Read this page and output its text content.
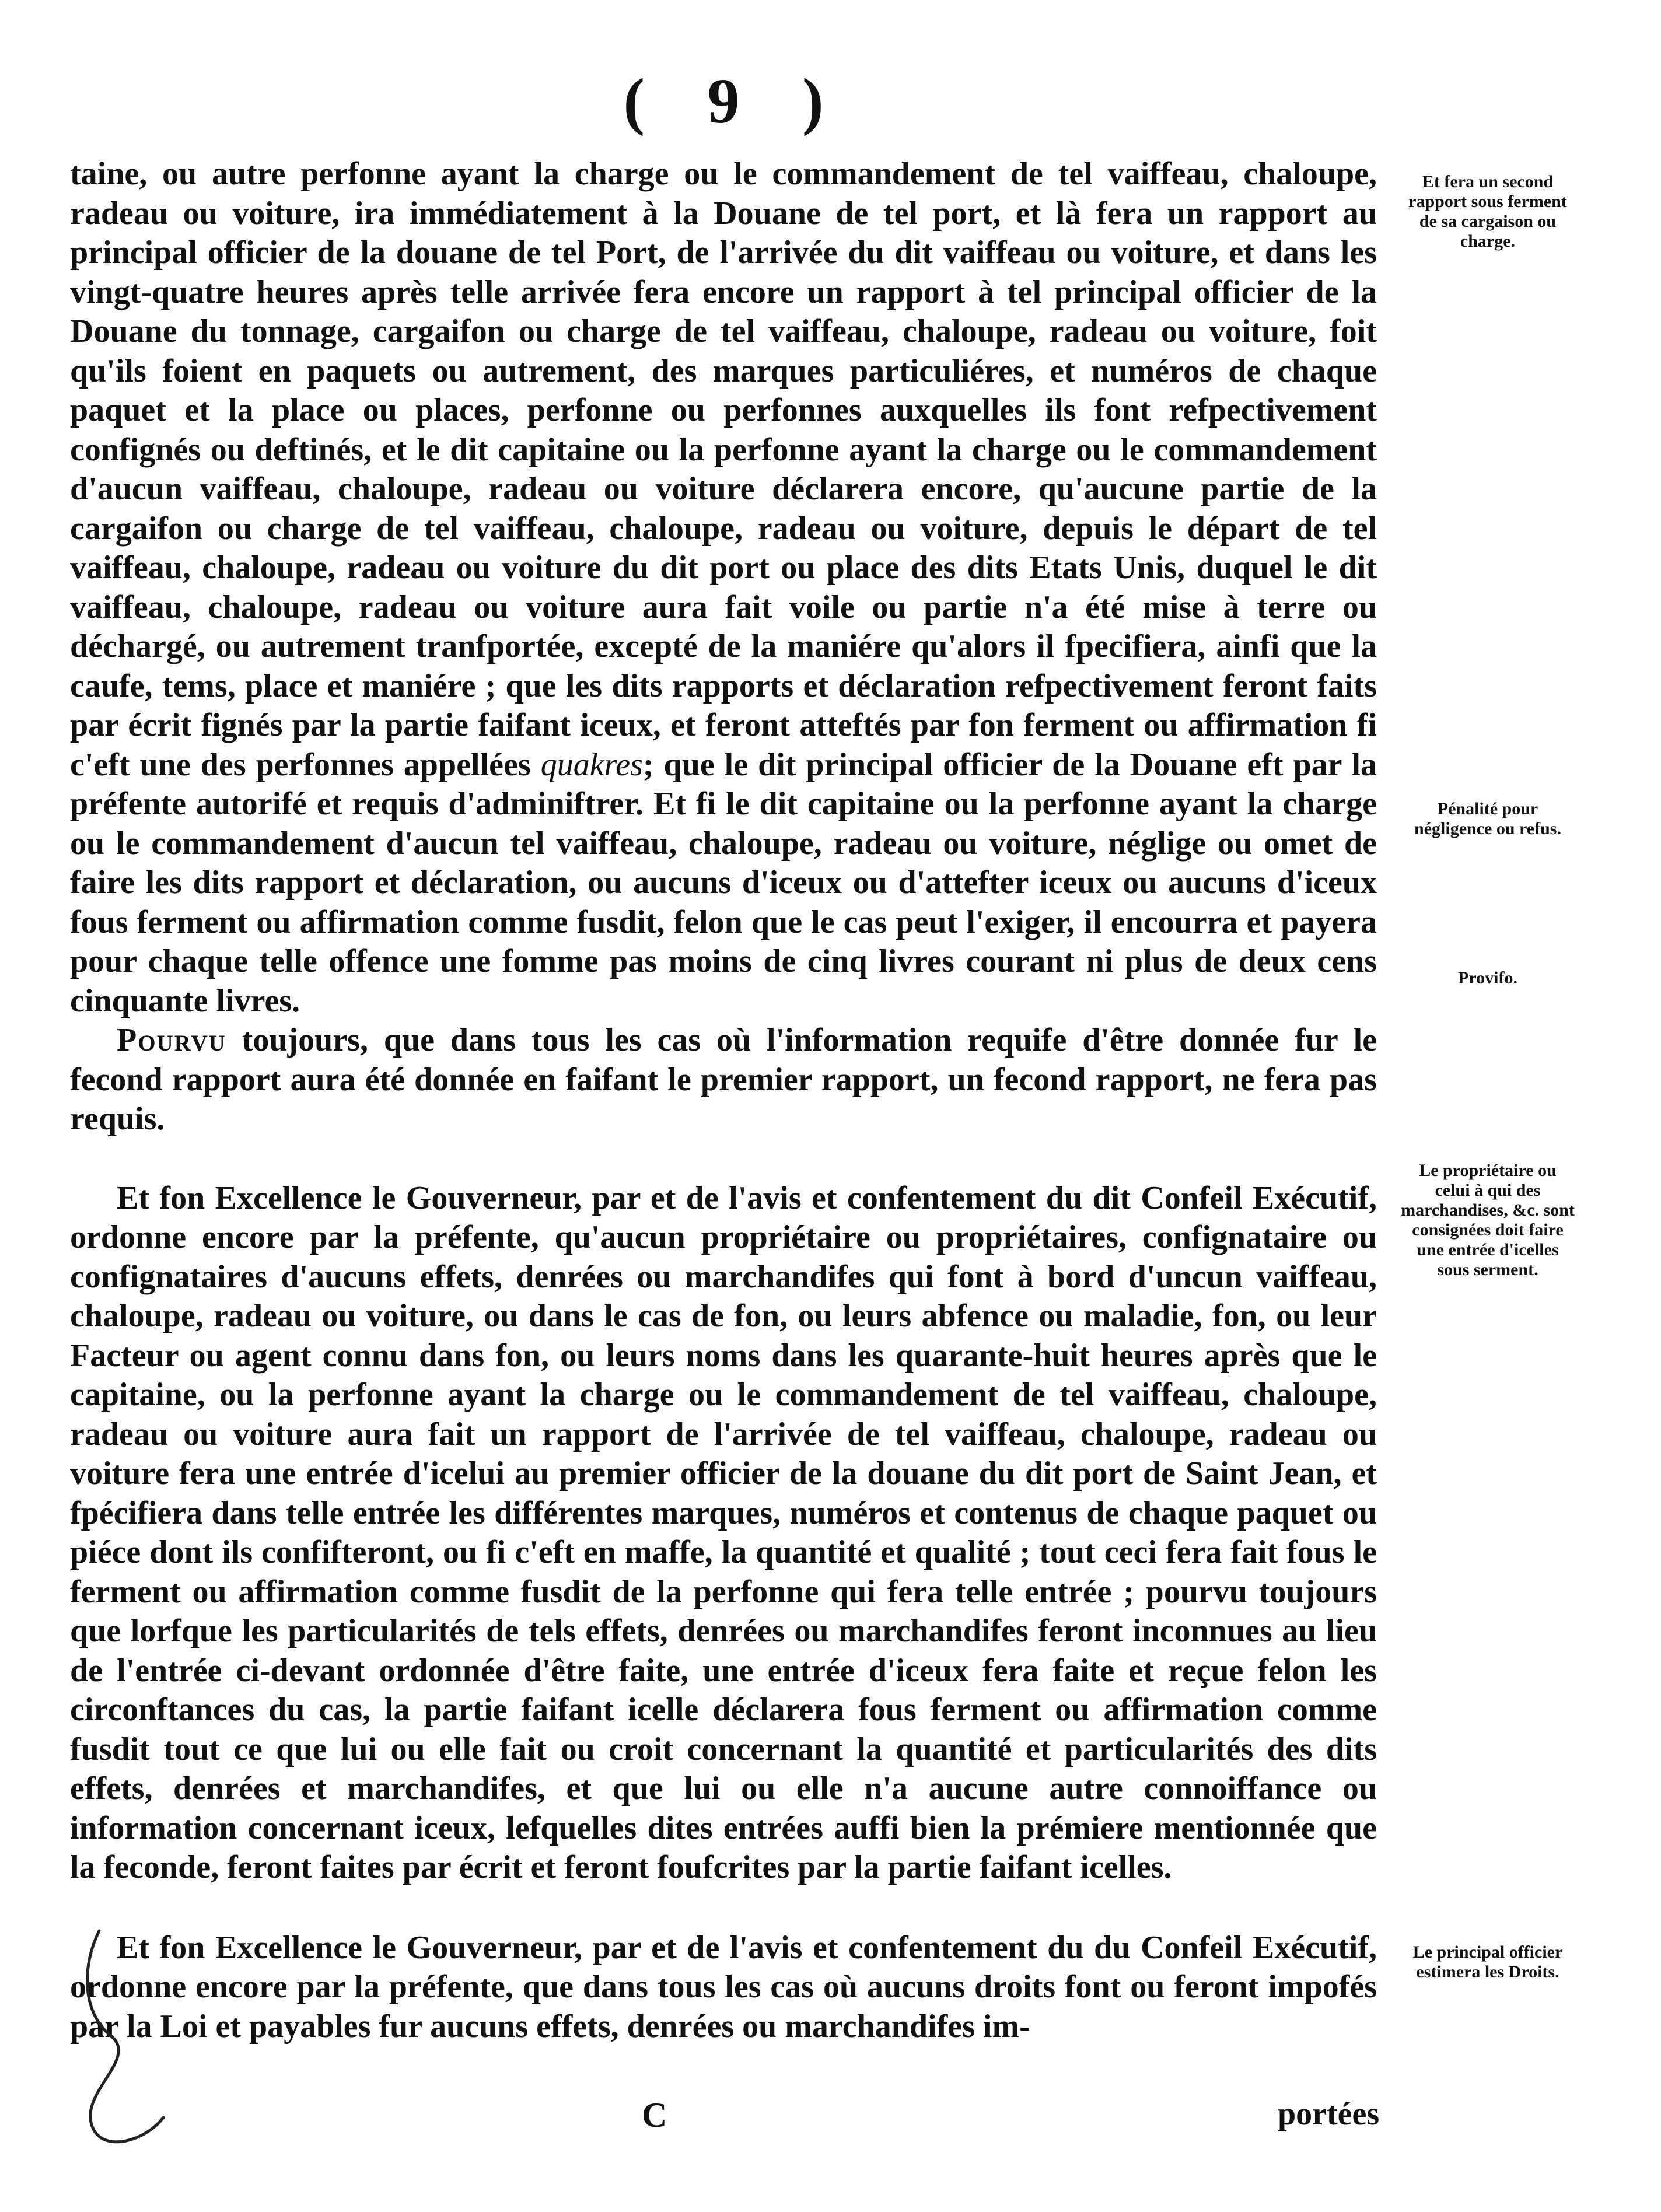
( 9 )

taine, ou autre perfonne ayant la charge ou le commandement de tel vaiffeau, chaloupe, radeau ou voiture, ira immédiatement à la Douane de tel port, et là fera un rapport au principal officier de la douane de tel Port, de l'arrivée du dit vaiffeau ou voiture, et dans les vingt-quatre heures après telle arrivée fera encore un rapport à tel principal officier de la Douane du tonnage, cargaifon ou charge de tel vaiffeau, chaloupe, radeau ou voiture, foit qu'ils foient en paquets ou autrement, des marques particuliéres, et numéros de chaque paquet et la place ou places, perfonne ou perfonnes auxquelles ils font refpectivement confignés ou deftinés, et le dit capitaine ou la perfonne ayant la charge ou le commandement d'aucun vaiffeau, chaloupe, radeau ou voiture déclarera encore, qu'aucune partie de la cargaifon ou charge de tel vaiffeau, chaloupe, radeau ou voiture, depuis le départ de tel vaiffeau, chaloupe, radeau ou voiture du dit port ou place des dits Etats Unis, duquel le dit vaiffeau, chaloupe, radeau ou voiture aura fait voile ou partie n'a été mise à terre ou déchargé, ou autrement tranfportée, excepté de la maniére qu'alors il fpecifiera, ainfi que la caufe, tems, place et maniére ; que les dits rapports et déclaration refpectivement feront faits par écrit fignés par la partie faifant iceux, et feront atteftés par fon ferment ou affirmation fi c'eft une des perfonnes appellées quakres; que le dit principal officier de la Douane eft par la préfente autorifé et requis d'adminiftrer. Et fi le dit capitaine ou la perfonne ayant la charge ou le commandement d'aucun tel vaiffeau, chaloupe, radeau ou voiture, néglige ou omet de faire les dits rapport et déclaration, ou aucuns d'iceux ou d'attefter iceux ou aucuns d'iceux fous ferment ou affirmation comme fusdit, felon que le cas peut l'exiger, il encourra et payera pour chaque telle offence une fomme pas moins de cinq livres courant ni plus de deux cens cinquante livres.

Pourvu toujours, que dans tous les cas où l'information requife d'être donnée fur le fecond rapport aura été donnée en faifant le premier rapport, un fecond rapport, ne fera pas requis.

Et fon Excellence le Gouverneur, par et de l'avis et confentement du dit Confeil Exécutif, ordonne encore par la préfente, qu'aucun propriétaire ou propriétaires, confignataire ou confignataires d'aucuns effets, denrées ou marchandifes qui font à bord d'uncun vaiffeau, chaloupe, radeau ou voiture, ou dans le cas de fon, ou leurs abfence ou maladie, fon, ou leur Facteur ou agent connu dans fon, ou leurs noms dans les quarante-huit heures après que le capitaine, ou la perfonne ayant la charge ou le commandement de tel vaiffeau, chaloupe, radeau ou voiture aura fait un rapport de l'arrivée de tel vaiffeau, chaloupe, radeau ou voiture fera une entrée d'icelui au premier officier de la douane du dit port de Saint Jean, et fpécifiera dans telle entrée les différentes marques, numéros et contenus de chaque paquet ou piéce dont ils confifteront, ou fi c'eft en maffe, la quantité et qualité ; tout ceci fera fait fous le ferment ou affirmation comme fusdit de la perfonne qui fera telle entrée ; pourvu toujours que lorfque les particularités de tels effets, denrées ou marchandifes feront inconnues au lieu de l'entrée ci-devant ordonnée d'être faite, une entrée d'iceux fera faite et reçue felon les circonftances du cas, la partie faifant icelle déclarera fous ferment ou affirmation comme fusdit tout ce que lui ou elle fait ou croit concernant la quantité et particularités des dits effets, denrées et marchandifes, et que lui ou elle n'a aucune autre connoiffance ou information concernant iceux, lefquelles dites entrées auffi bien la prémiere mentionnée que la feconde, feront faites par écrit et feront foufcrites par la partie faifant icelles.

Et fon Excellence le Gouverneur, par et de l'avis et confentement du du Confeil Exécutif, ordonne encore par la préfente, que dans tous les cas où aucuns droits font ou feront impofés par la Loi et payables fur aucuns effets, denrées ou marchandifes im-

Et fera un second rapport sous ferment de sa cargaison ou charge.
Pénalité pour négligence ou refus.
Provifo.
Le propriétaire ou celui à qui des marchandises, &c. sont consignées doit faire une entrée d'icelles sous serment.
Le principal officier estimera les Droits.
C	portées
